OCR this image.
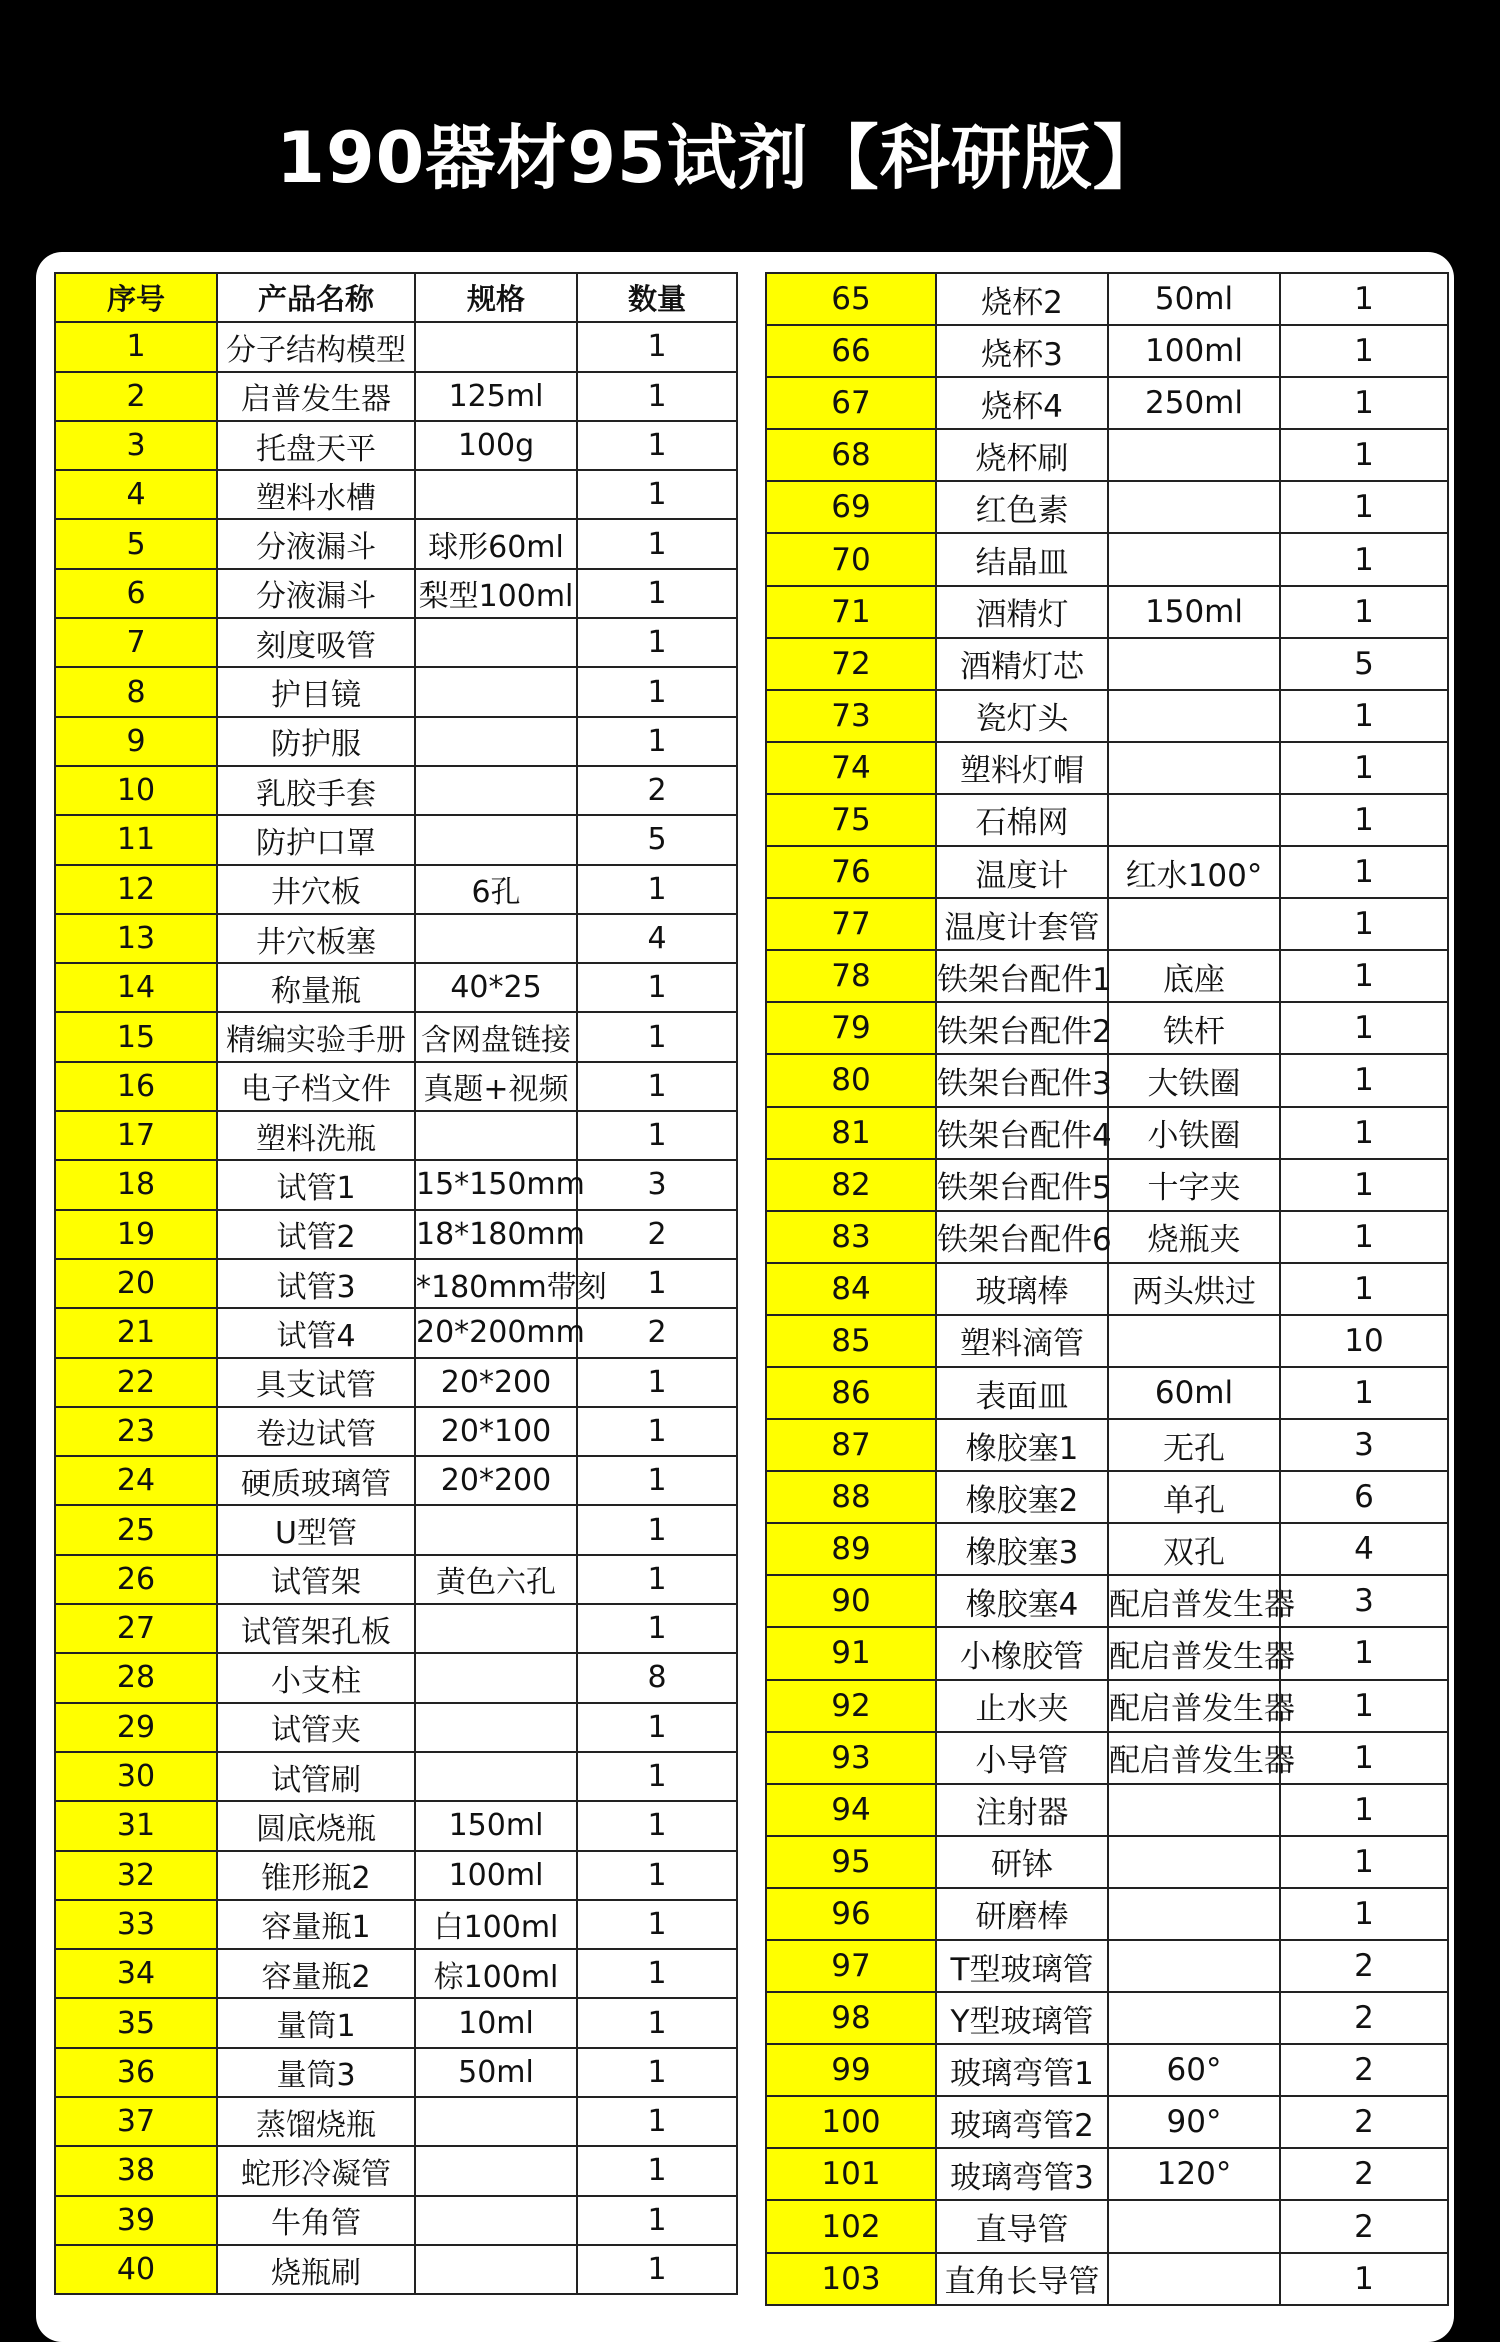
190器材95试剂【科研版】
序号	产品名称	规格	数量
1	分子结构模型		1
2	启普发生器	125ml	1
3	托盘天平	100g	1
4	塑料水槽		1
5	分液漏斗	球形60ml	1
6	分液漏斗	梨型100ml	1
7	刻度吸管		1
8	护目镜		1
9	防护服		1
10	乳胶手套		2
11	防护口罩		5
12	井穴板	6孔	1
13	井穴板塞		4
14	称量瓶	40*25	1
15	精编实验手册	含网盘链接	1
16	电子档文件	真题+视频	1
17	塑料洗瓶		1
18	试管1	15*150mm	3
19	试管2	18*180mm	2
20	试管3	*180mm带刻	1
21	试管4	20*200mm	2
22	具支试管	20*200	1
23	卷边试管	20*100	1
24	硬质玻璃管	20*200	1
25	U型管		1
26	试管架	黄色六孔	1
27	试管架孔板		1
28	小支柱		8
29	试管夹		1
30	试管刷		1
31	圆底烧瓶	150ml	1
32	锥形瓶2	100ml	1
33	容量瓶1	白100ml	1
34	容量瓶2	棕100ml	1
35	量筒1	10ml	1
36	量筒3	50ml	1
37	蒸馏烧瓶		1
38	蛇形冷凝管		1
39	牛角管		1
40	烧瓶刷		1
65	烧杯2	50ml	1
66	烧杯3	100ml	1
67	烧杯4	250ml	1
68	烧杯刷		1
69	红色素		1
70	结晶皿		1
71	酒精灯	150ml	1
72	酒精灯芯		5
73	瓷灯头		1
74	塑料灯帽		1
75	石棉网		1
76	温度计	红水100°	1
77	温度计套管		1
78	铁架台配件1	底座	1
79	铁架台配件2	铁杆	1
80	铁架台配件3	大铁圈	1
81	铁架台配件4	小铁圈	1
82	铁架台配件5	十字夹	1
83	铁架台配件6	烧瓶夹	1
84	玻璃棒	两头烘过	1
85	塑料滴管		10
86	表面皿	60ml	1
87	橡胶塞1	无孔	3
88	橡胶塞2	单孔	6
89	橡胶塞3	双孔	4
90	橡胶塞4	配启普发生器	3
91	小橡胶管	配启普发生器	1
92	止水夹	配启普发生器	1
93	小导管	配启普发生器	1
94	注射器		1
95	研钵		1
96	研磨棒		1
97	T型玻璃管		2
98	Y型玻璃管		2
99	玻璃弯管1	60°	2
100	玻璃弯管2	90°	2
101	玻璃弯管3	120°	2
102	直导管		2
103	直角长导管		1
